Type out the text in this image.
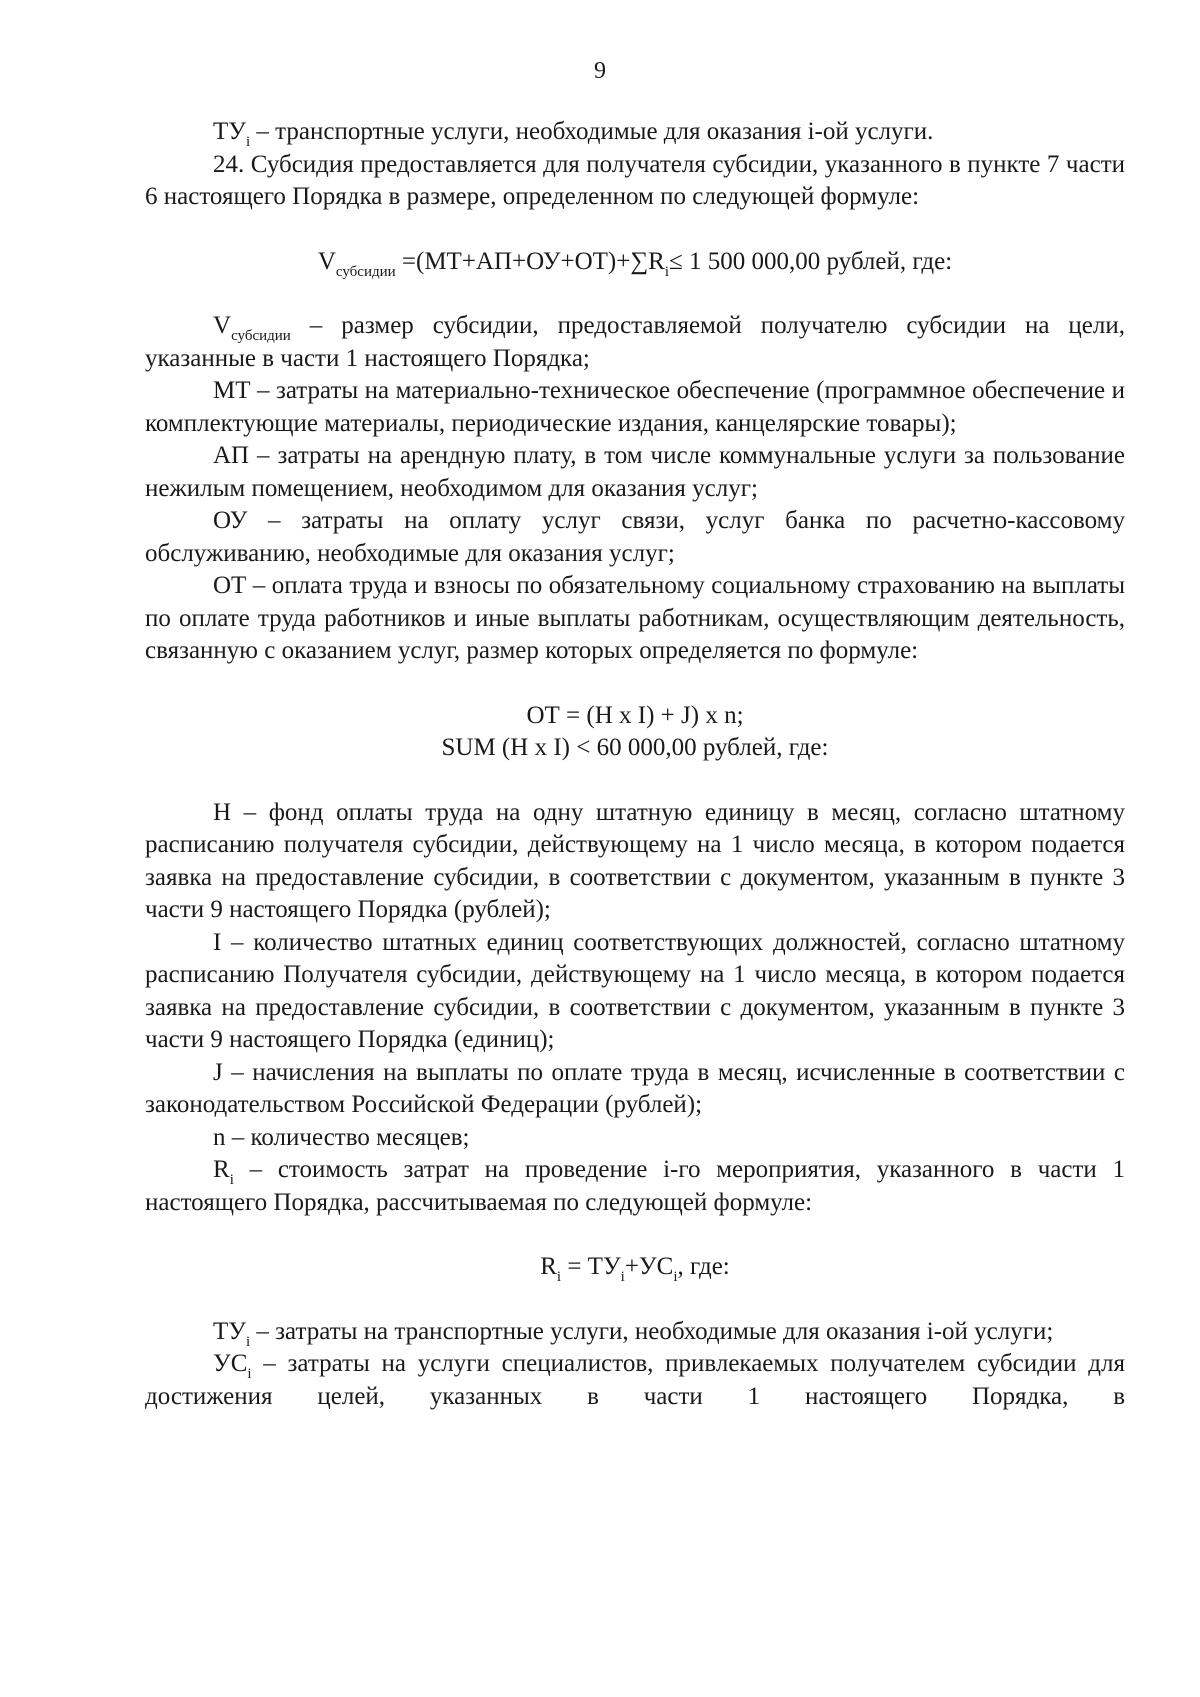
9

$ТУ_i$ – транспортные услуги, необходимые для оказания i-ой услуги.

24. Субсидия предоставляется для получателя субсидии, указанного в пункте 7 части 6 настоящего Порядка в размере, определенном по следующей формуле:

$V_{субсидии} =(МТ+АП+ОУ+ОТ)+\sum R_i\le 1$ 500 000,00 рублей, где:

$V_{субсидии}$ – размер субсидии, предоставляемой получателю субсидии на цели, указанные в части 1 настоящего Порядка;

МТ – затраты на материально-техническое обеспечение (программное обеспечение и комплектующие материалы, периодические издания, канцелярские товары);

АП – затраты на арендную плату, в том числе коммунальные услуги за пользование нежилым помещением, необходимом для оказания услуг;

ОУ – затраты на оплату услуг связи, услуг банка по расчетно-кассовому обслуживанию, необходимые для оказания услуг;

ОТ – оплата труда и взносы по обязательному социальному страхованию на выплаты по оплате труда работников и иные выплаты работникам, осуществляющим деятельность, связанную с оказанием услуг, размер которых определяется по формуле:

ОТ = (H x I) + J) x n;

SUM (H x I) < 60 000,00 рублей, где:

H – фонд оплаты труда на одну штатную единицу в месяц, согласно штатному расписанию получателя субсидии, действующему на 1 число месяца, в котором подается заявка на предоставление субсидии, в соответствии с документом, указанным в пункте 3 части 9 настоящего Порядка (рублей);

I – количество штатных единиц соответствующих должностей, согласно штатному расписанию Получателя субсидии, действующему на 1 число месяца, в котором подается заявка на предоставление субсидии, в соответствии с документом, указанным в пункте 3 части 9 настоящего Порядка (единиц);

J – начисления на выплаты по оплате труда в месяц, исчисленные в соответствии с законодательством Российской Федерации (рублей);

n – количество месяцев;

$R_i$ – стоимость затрат на проведение i-го мероприятия, указанного в части 1 настоящего Порядка, рассчитываемая по следующей формуле:

$R_i = ТУ_i+УС_i$, где:

$ТУ_i$ – затраты на транспортные услуги, необходимые для оказания i-ой услуги;

$УС_i$ – затраты на услуги специалистов, привлекаемых получателем субсидии для достижения целей, указанных в части 1 настоящего Порядка, в
